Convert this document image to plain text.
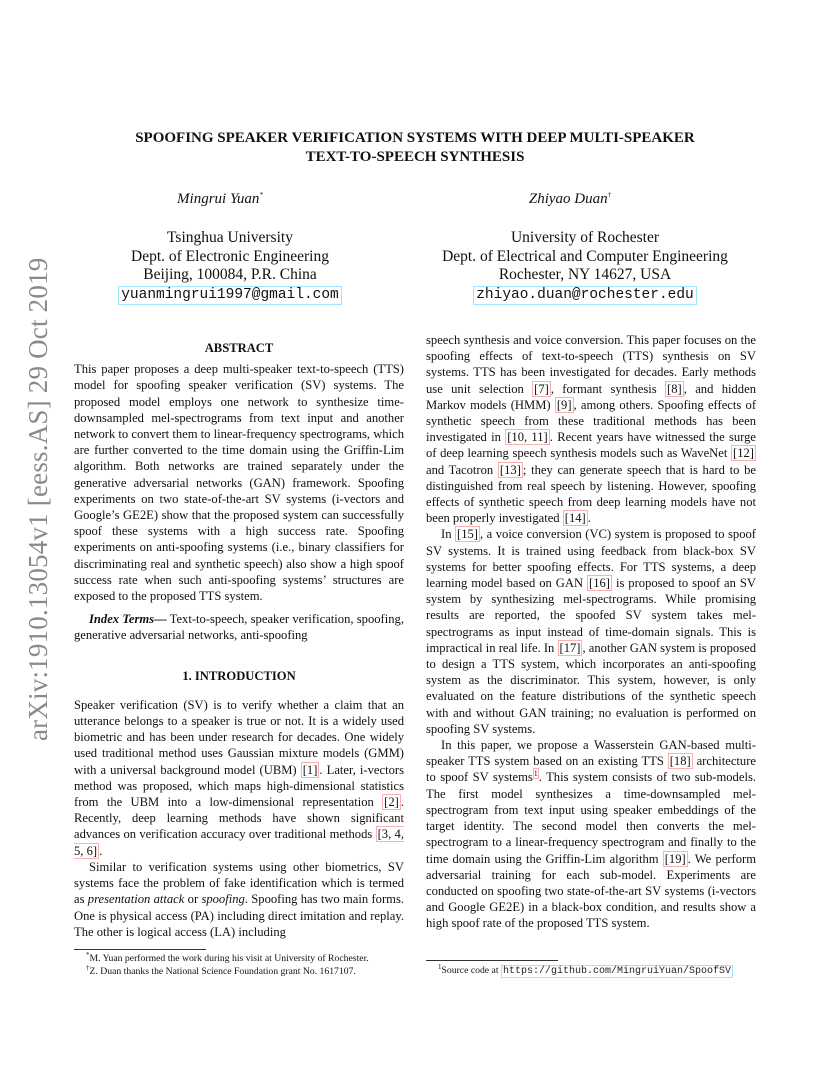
arXiv:1910.13054v1 [eess.AS] 29 Oct 2019
SPOOFING SPEAKER VERIFICATION SYSTEMS WITH DEEP MULTI-SPEAKER
TEXT-TO-SPEECH SYNTHESIS
Mingrui Yuan*
Tsinghua University
Dept. of Electronic Engineering
Beijing, 100084, P.R. China
yuanmingrui1997@gmail.com
Zhiyao Duan†
University of Rochester
Dept. of Electrical and Computer Engineering
Rochester, NY 14627, USA
zhiyao.duan@rochester.edu
ABSTRACT

This paper proposes a deep multi-speaker text-to-speech (TTS) model for spoofing speaker verification (SV) systems. The proposed model employs one network to synthesize time-downsampled mel-spectrograms from text input and another network to convert them to linear-frequency spectrograms, which are further converted to the time domain using the Griffin-Lim algorithm. Both networks are trained separately under the generative adversarial networks (GAN) framework. Spoofing experiments on two state-of-the-art SV systems (i-vectors and Google’s GE2E) show that the proposed system can successfully spoof these systems with a high success rate. Spoofing experiments on anti-spoofing systems (i.e., binary classifiers for discriminating real and synthetic speech) also show a high spoof success rate when such anti-spoofing systems’ structures are exposed to the proposed TTS system.

Index Terms— Text-to-speech, speaker verification, spoofing, generative adversarial networks, anti-spoofing

1. INTRODUCTION

Speaker verification (SV) is to verify whether a claim that an utterance belongs to a speaker is true or not. It is a widely used biometric and has been under research for decades. One widely used traditional method uses Gaussian mixture models (GMM) with a universal background model (UBM) [1] . Later, i-vectors method was proposed, which maps high-dimensional statistics from the UBM into a low-dimensional representation [2] . Recently, deep learning methods have shown significant advances on verification accuracy over traditional methods [3, 4, 5, 6] .

Similar to verification systems using other biometrics, SV systems face the problem of fake identification which is termed as presentation attack or spoofing. Spoofing has two main forms. One is physical access (PA) including direct imitation and replay. The other is logical access (LA) including

*M. Yuan performed the work during his visit at University of Rochester.
†Z. Duan thanks the National Science Foundation grant No. 1617107.

speech synthesis and voice conversion. This paper focuses on the spoofing effects of text-to-speech (TTS) synthesis on SV systems. TTS has been investigated for decades. Early methods use unit selection [7] , formant synthesis [8] , and hidden Markov models (HMM) [9] , among others. Spoofing effects of synthetic speech from these traditional methods has been investigated in [10, 11] . Recent years have witnessed the surge of deep learning speech synthesis models such as WaveNet [12] and Tacotron [13] ; they can generate speech that is hard to be distinguished from real speech by listening. However, spoofing effects of synthetic speech from deep learning models have not been properly investigated [14] .

In [15] , a voice conversion (VC) system is proposed to spoof SV systems. It is trained using feedback from black-box SV systems for better spoofing effects. For TTS systems, a deep learning model based on GAN [16] is proposed to spoof an SV system by synthesizing mel-spectrograms. While promising results are reported, the spoofed SV system takes mel-spectrograms as input instead of time-domain signals. This is impractical in real life. In [17] , another GAN system is proposed to design a TTS system, which incorporates an anti-spoofing system as the discriminator. This system, however, is only evaluated on the feature distributions of the synthetic speech with and without GAN training; no evaluation is performed on spoofing SV systems.

In this paper, we propose a Wasserstein GAN-based multi-speaker TTS system based on an existing TTS [18] architecture to spoof SV systems$^1$. This system consists of two sub-models. The first model synthesizes a time-downsampled mel-spectrogram from text input using speaker embeddings of the target identity. The second model then converts the mel-spectrogram to a linear-frequency spectrogram and finally to the time domain using the Griffin-Lim algorithm [19] . We perform adversarial training for each sub-model. Experiments are conducted on spoofing two state-of-the-art SV systems (i-vectors and Google GE2E) in a black-box condition, and results show a high spoof rate of the proposed TTS system.

$^1$Source code at https://github.com/MingruiYuan/SpoofSV
